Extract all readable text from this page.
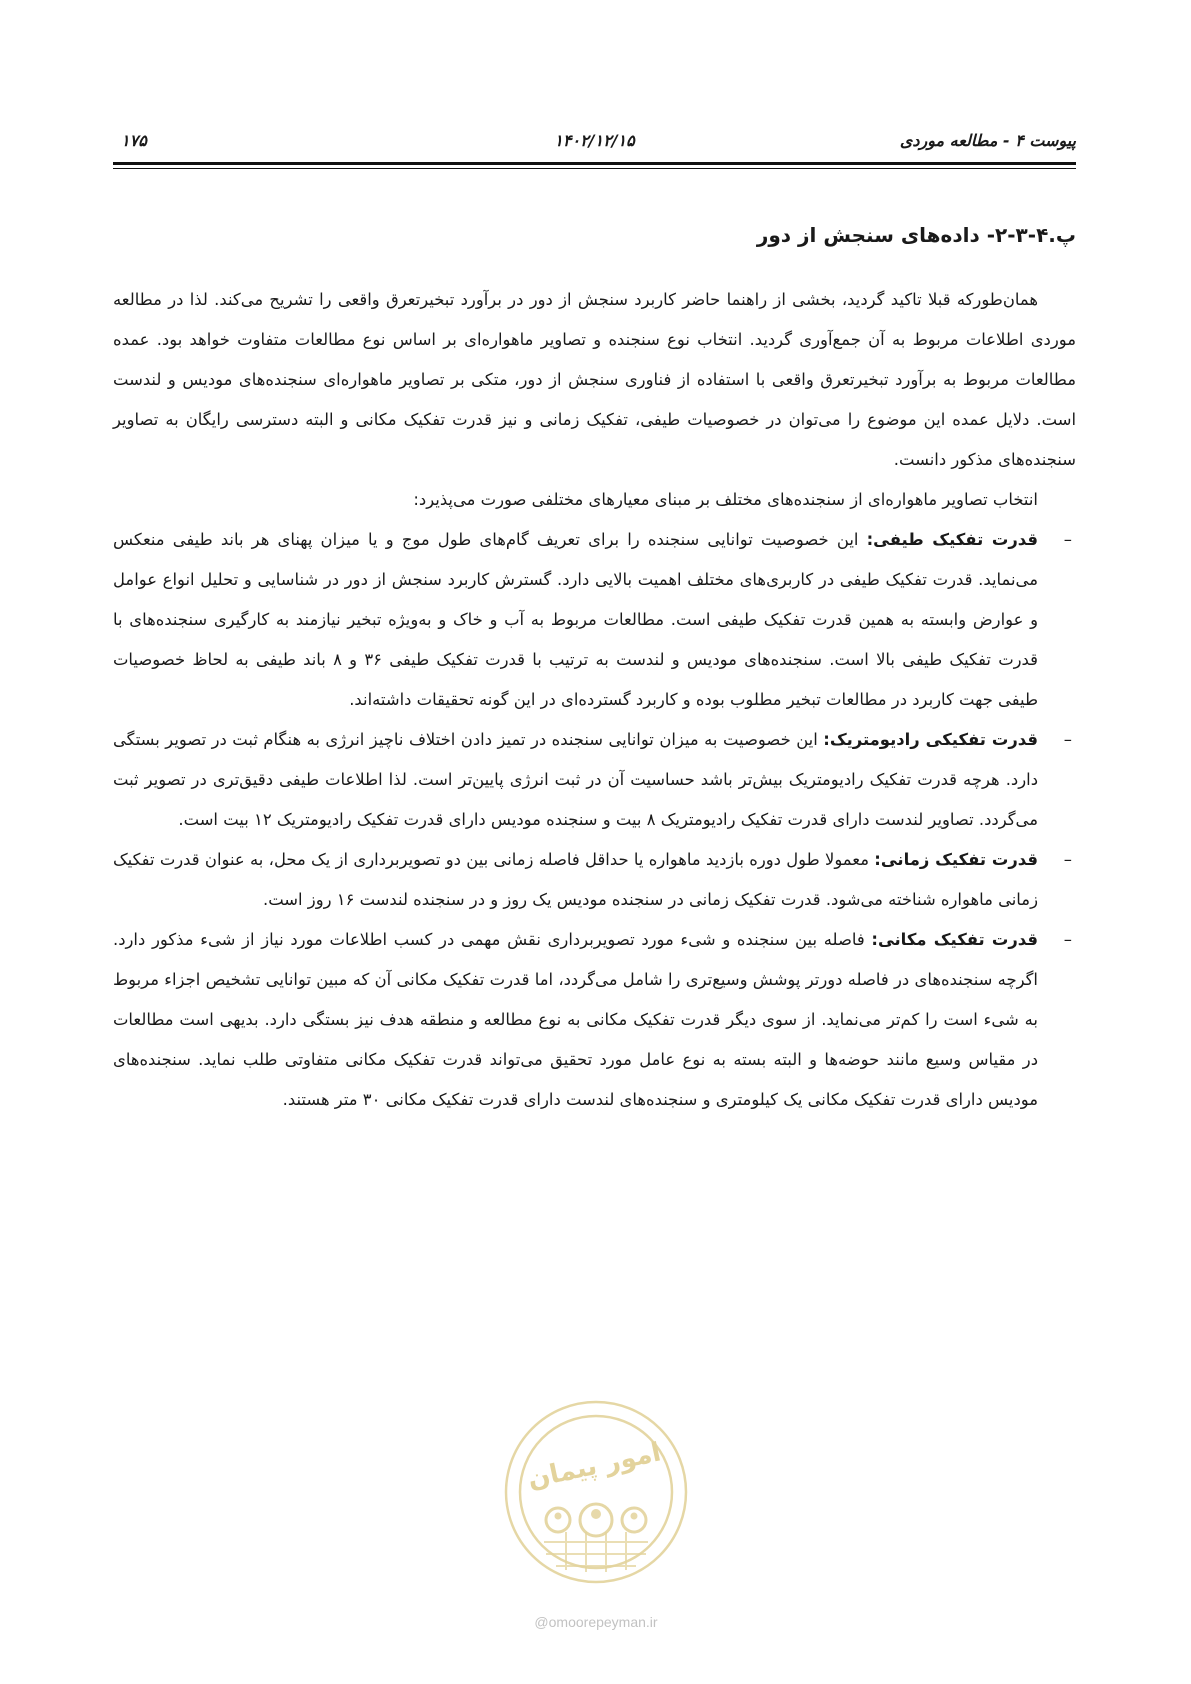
پیوست ۴ - مطالعه موردی
۱۴۰۲/۱۲/۱۵
۱۷۵
پ.۴-۳-۲- داده‌های سنجش از دور

همان‌طورکه قبلا تاکید گردید، بخشی از راهنما حاضر کاربرد سنجش از دور در برآورد تبخیرتعرق واقعی را تشریح می‌کند. لذا در مطالعه موردی اطلاعات مربوط به آن جمع‌آوری گردید. انتخاب نوع سنجنده و تصاویر ماهواره‌ای بر اساس نوع مطالعات متفاوت خواهد بود. عمده مطالعات مربوط به برآورد تبخیرتعرق واقعی با استفاده از فناوری سنجش از دور، متکی بر تصاویر ماهواره‌ای سنجنده‌های مودیس و لندست است. دلایل عمده این موضوع را می‌توان در خصوصیات طیفی، تفکیک زمانی و نیز قدرت تفکیک مکانی و البته دسترسی رایگان به تصاویر سنجنده‌های مذکور دانست.

انتخاب تصاویر ماهواره‌ای از سنجنده‌های مختلف بر مبنای معیارهای مختلفی صورت می‌پذیرد:

–
قدرت تفکیک طیفی: این خصوصیت توانایی سنجنده را برای تعریف گام‌های طول موج و یا میزان پهنای هر باند طیفی منعکس می‌نماید. قدرت تفکیک طیفی در کاربری‌های مختلف اهمیت بالایی دارد. گسترش کاربرد سنجش از دور در شناسایی و تحلیل انواع عوامل و عوارض وابسته به همین قدرت تفکیک طیفی است. مطالعات مربوط به آب و خاک و به‌ویژه تبخیر نیازمند به کارگیری سنجنده‌های با قدرت تفکیک طیفی بالا است. سنجنده‌های مودیس و لندست به ترتیب با قدرت تفکیک طیفی ۳۶ و ۸ باند طیفی به لحاظ خصوصیات طیفی جهت کاربرد در مطالعات تبخیر مطلوب بوده و کاربرد گسترده‌ای در این گونه تحقیقات داشته‌اند.
–
قدرت تفکیکی رادیومتریک: این خصوصیت به میزان توانایی سنجنده در تمیز دادن اختلاف ناچیز انرژی به هنگام ثبت در تصویر بستگی دارد. هرچه قدرت تفکیک رادیومتریک بیش‌تر باشد حساسیت آن در ثبت انرژی پایین‌تر است. لذا اطلاعات طیفی دقیق‌تری در تصویر ثبت می‌گردد. تصاویر لندست دارای قدرت تفکیک رادیومتریک ۸ بیت و سنجنده مودیس دارای قدرت تفکیک رادیومتریک ۱۲ بیت است.
–
قدرت تفکیک زمانی: معمولا طول دوره بازدید ماهواره یا حداقل فاصله زمانی بین دو تصویربرداری از یک محل، به عنوان قدرت تفکیک زمانی ماهواره شناخته می‌شود. قدرت تفکیک زمانی در سنجنده مودیس یک روز و در سنجنده لندست ۱۶ روز است.
–
قدرت تفکیک مکانی: فاصله بین سنجنده و شیء مورد تصویربرداری نقش مهمی در کسب اطلاعات مورد نیاز از شیء مذکور دارد. اگرچه سنجنده‌های در فاصله دورتر پوشش وسیع‌تری را شامل می‌گردد، اما قدرت تفکیک مکانی آن که مبین توانایی تشخیص اجزاء مربوط به شیء است را کم‌تر می‌نماید. از سوی دیگر قدرت تفکیک مکانی به نوع مطالعه و منطقه هدف نیز بستگی دارد. بدیهی است مطالعات در مقیاس وسیع مانند حوضه‌ها و البته بسته به نوع عامل مورد تحقیق می‌تواند قدرت تفکیک مکانی متفاوتی طلب نماید. سنجنده‌های مودیس دارای قدرت تفکیک مکانی یک کیلومتری و سنجنده‌های لندست دارای قدرت تفکیک مکانی ۳۰ متر هستند.
امور پیمان
@omoorepeyman.ir
